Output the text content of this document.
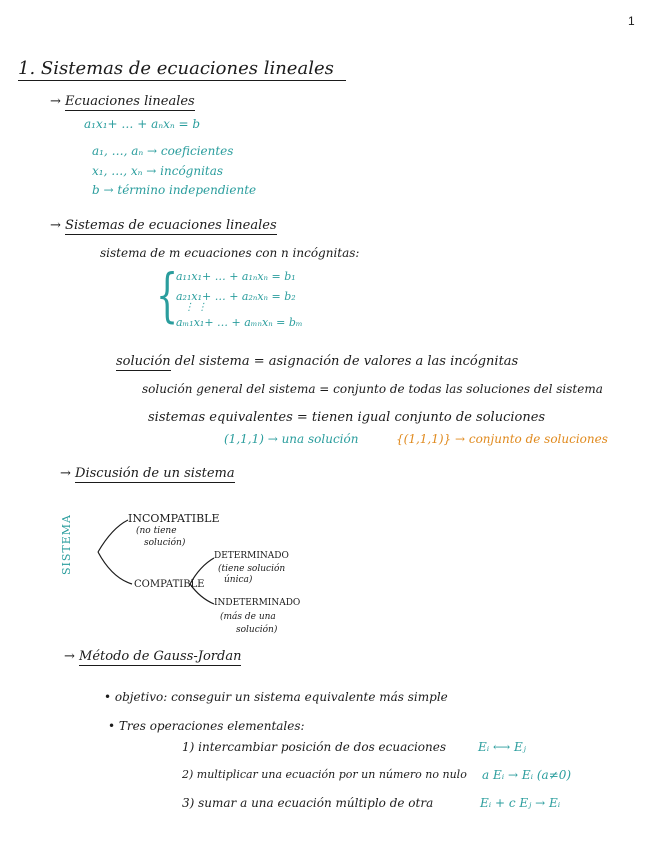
1
1. Sistemas de ecuaciones lineales
→ Ecuaciones lineales
a₁x₁+ … + aₙxₙ = b
a₁, …, aₙ → coeficientes
x₁, …, xₙ → incógnitas
b → término independiente
→ Sistemas de ecuaciones lineales
sistema de m ecuaciones con n incógnitas:
{
a₁₁x₁+ … + a₁ₙxₙ = b₁
a₂₁x₁+ … + a₂ₙxₙ = b₂
⋮ ⋮
aₘ₁x₁+ … + aₘₙxₙ = bₘ
solución del sistema = asignación de valores a las incógnitas
solución general del sistema = conjunto de todas las soluciones del sistema
sistemas equivalentes = tienen igual conjunto de soluciones
(1,1,1) → una solución	{(1,1,1)} → conjunto de soluciones
→ Discusión de un sistema
SISTEMA	INCOMPATIBLE
(no tiene
solución)
COMPATIBLE
DETERMINADO
(tiene solución
única)
INDETERMINADO
(más de una
solución)
→ Método de Gauss-Jordan
• objetivo: conseguir un sistema equivalente más simple
• Tres operaciones elementales:
1) intercambiar posición de dos ecuaciones	Eᵢ ⟷ Eⱼ
2) multiplicar una ecuación por un número no nulo a Eᵢ → Eᵢ (a≠0)
3) sumar a una ecuación múltiplo de otra	Eᵢ + c Eⱼ → Eᵢ
